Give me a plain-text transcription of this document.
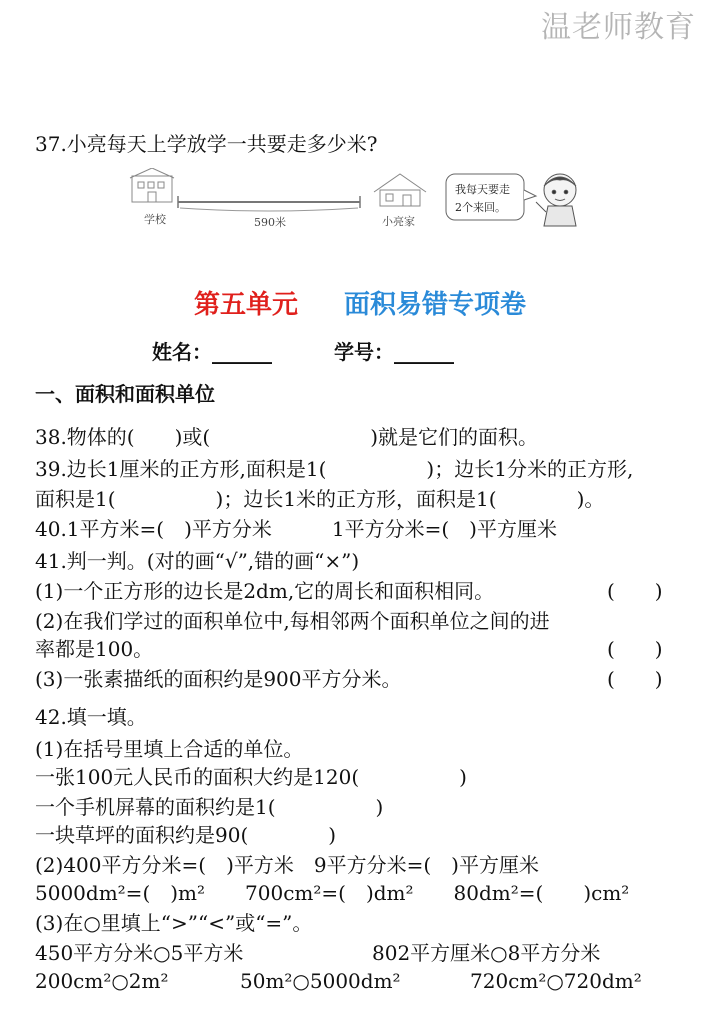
温老师教育
37.小亮每天上学放学一共要走多少米?
学校	590米	小亮家
我每天要走
2个来回。
第五单元 面积易错专项卷
姓名：______	学号：______
一、面积和面积单位
38.物体的(　　)或(　　　　　　　　)就是它们的面积。
39.边长1厘米的正方形,面积是1(　　　　　)；边长1分米的正方形,
面积是1(　　　　　)；边长1米的正方形，面积是1(　　　　)。
40.1平方米=(　)平方分米　　　1平方分米=(　)平方厘米
41.判一判。(对的画“√”,错的画“×”)
(1)一个正方形的边长是2dm,它的周长和面积相同。	(　　)
(2)在我们学过的面积单位中,每相邻两个面积单位之间的进
率都是100。	(　　)
(3)一张素描纸的面积约是900平方分米。	(　　)
42.填一填。
(1)在括号里填上合适的单位。
一张100元人民币的面积大约是120(　　　　　)
一个手机屏幕的面积约是1(　　　　　)
一块草坪的面积约是90(　　　　)
(2)400平方分米=(　)平方米　9平方分米=(　)平方厘米
5000dm²=(　)m²　　700cm²=(　)dm²　　80dm²=(　　)cm²
(3)在○里填上“>”“<”或“=”。
450平方分米○5平方米	802平方厘米○8平方分米
200cm²○2m²	50m²○5000dm²	720cm²○720dm²
